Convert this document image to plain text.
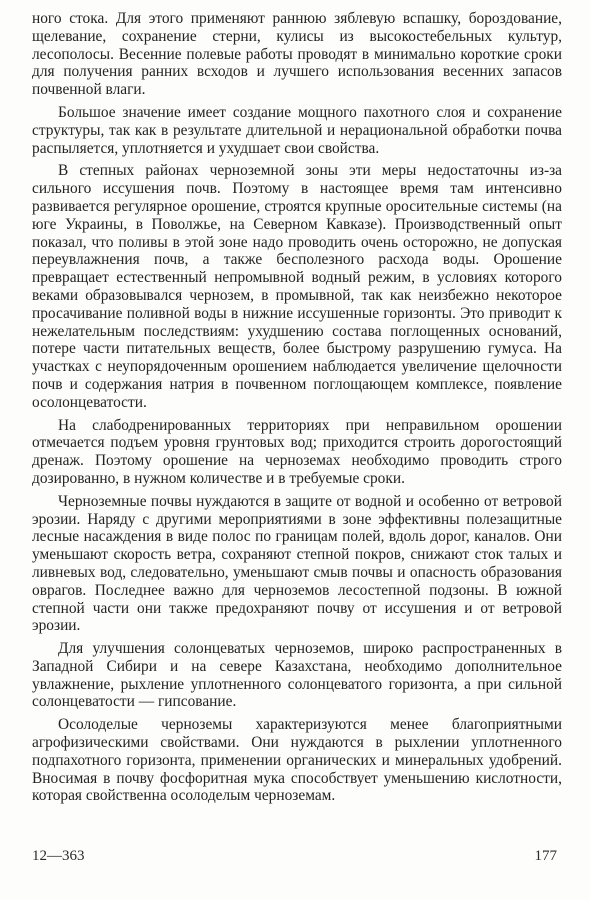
ного стока. Для этого применяют раннюю зяблевую вспашку, бороздование, щелевание, сохранение стерни, кулисы из высокостебельных культур, лесополосы. Весенние полевые работы проводят в минимально короткие сроки для получения ранних всходов и лучшего использования весенних запасов почвенной влаги.

Большое значение имеет создание мощного пахотного слоя и сохранение структуры, так как в результате длительной и нерациональной обработки почва распыляется, уплотняется и ухудшает свои свойства.

В степных районах черноземной зоны эти меры недостаточны из-за сильного иссушения почв. Поэтому в настоящее время там интенсивно развивается регулярное орошение, строятся крупные оросительные системы (на юге Украины, в Поволжье, на Северном Кавказе). Производственный опыт показал, что поливы в этой зоне надо проводить очень осторожно, не допуская переувлажнения почв, а также бесполезного расхода воды. Орошение превращает естественный непромывной водный режим, в условиях которого веками образовывался чернозем, в промывной, так как неизбежно некоторое просачивание поливной воды в нижние иссушенные горизонты. Это приводит к нежелательным последствиям: ухудшению состава поглощенных оснований, потере части питательных веществ, более быстрому разрушению гумуса. На участках с неупорядоченным орошением наблюдается увеличение щелочности почв и содержания натрия в почвенном поглощающем комплексе, появление осолонцеватости.

На слабодренированных территориях при неправильном орошении отмечается подъем уровня грунтовых вод; приходится строить дорогостоящий дренаж. Поэтому орошение на черноземах необходимо проводить строго дозированно, в нужном количестве и в требуемые сроки.

Черноземные почвы нуждаются в защите от водной и особенно от ветровой эрозии. Наряду с другими мероприятиями в зоне эффективны полезащитные лесные насаждения в виде полос по границам полей, вдоль дорог, каналов. Они уменьшают скорость ветра, сохраняют степной покров, снижают сток талых и ливневых вод, следовательно, уменьшают смыв почвы и опасность образования оврагов. Последнее важно для черноземов лесостепной подзоны. В южной степной части они также предохраняют почву от иссушения и от ветровой эрозии.

Для улучшения солонцеватых черноземов, широко распространенных в Западной Сибири и на севере Казахстана, необходимо дополнительное увлажнение, рыхление уплотненного солонцеватого горизонта, а при сильной солонцеватости — гипсование.

Осолоделые черноземы характеризуются менее благоприятными агрофизическими свойствами. Они нуждаются в рыхлении уплотненного подпахотного горизонта, применении органических и минеральных удобрений. Вносимая в почву фосфоритная мука способствует уменьшению кислотности, которая свойственна осолоделым черноземам.

12—363	177
